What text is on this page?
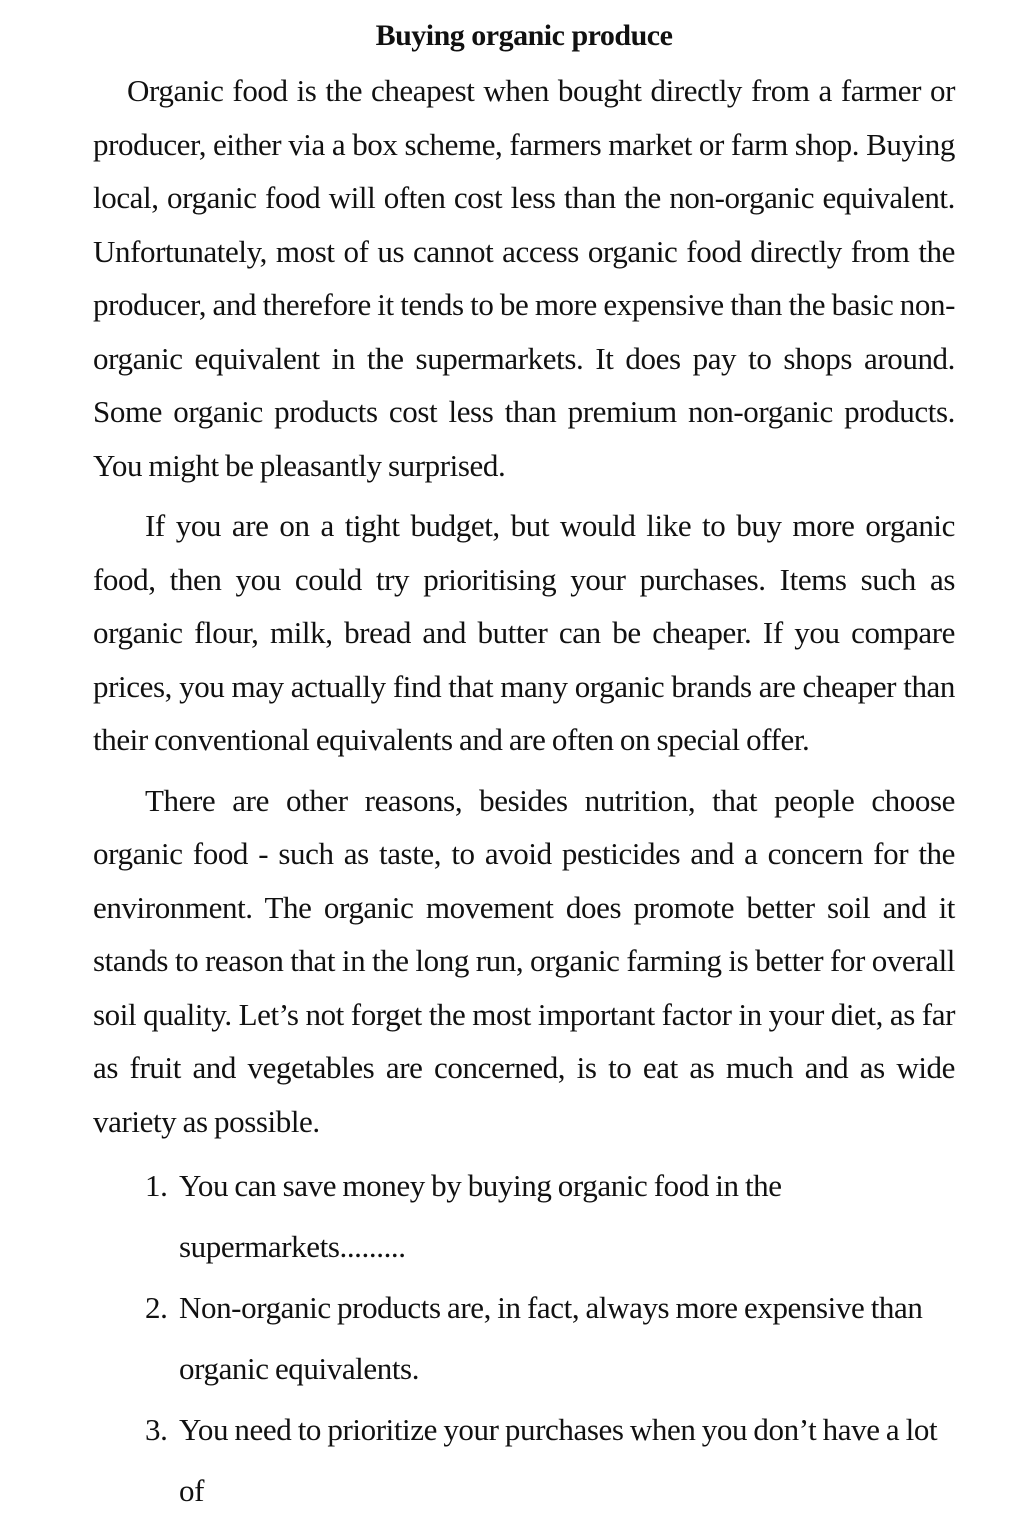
Buying organic produce

Organic food is the cheapest when bought directly from a farmer or producer, either via a box scheme, farmers market or farm shop. Buying local, organic food will often cost less than the non-organic equivalent. Unfortunately, most of us cannot access organic food directly from the producer, and therefore it tends to be more expensive than the basic non-organic equivalent in the supermarkets. It does pay to shops around. Some organic products cost less than premium non-organic products. You might be pleasantly surprised.

If you are on a tight budget, but would like to buy more organic food, then you could try prioritising your purchases. Items such as organic flour, milk, bread and butter can be cheaper. If you compare prices, you may actually find that many organic brands are cheaper than their conventional equivalents and are often on special offer.

There are other reasons, besides nutrition, that people choose organic food - such as taste, to avoid pesticides and a concern for the environment. The organic movement does promote better soil and it stands to reason that in the long run, organic farming is better for overall soil quality. Let’s not forget the most important factor in your diet, as far as fruit and vegetables are concerned, is to eat as much and as wide variety as possible.

1. You can save money by buying organic food in the supermarkets.........
2. Non-organic products are, in fact, always more expensive than organic equivalents.
3. You need to prioritize your purchases when you don’t have a lot of
